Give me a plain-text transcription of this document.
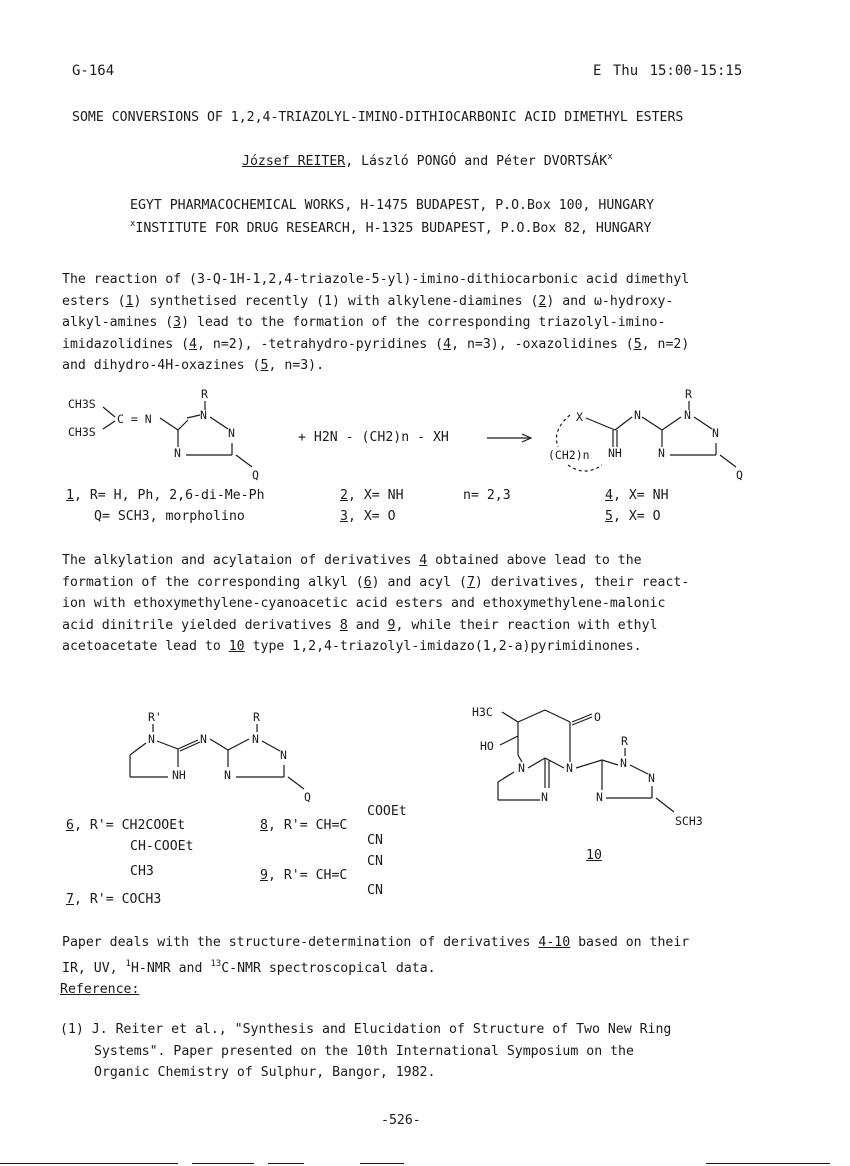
G-164	E Thu 15:00-15:15
SOME CONVERSIONS OF 1,2,4-TRIAZOLYL-IMINO-DITHIOCARBONIC ACID DIMETHYL ESTERS
József REITER, László PONGÓ and Péter DVORTSÁK$^x$
EGYT PHARMACOCHEMICAL WORKS, H-1475 BUDAPEST, P.O.Box 100, HUNGARY
$^x$INSTITUTE FOR DRUG RESEARCH, H-1325 BUDAPEST, P.O.Box 82, HUNGARY
The reaction of (3-Q-1H-1,2,4-triazole-5-yl)-imino-dithiocarbonic acid dimethyl
esters (1) synthetised recently (1) with alkylene-diamines (2) and ω-hydroxy-
alkyl-amines (3) lead to the formation of the corresponding triazolyl-imino-
imidazolidines (4, n=2), -tetrahydro-pyridines (4, n=3), -oxazolidines (5, n=2)
and dihydro-4H-oxazines (5, n=3).
CH3S
CH3S
C = N
R
N
N
N
Q
+ H2N - (CH2)n - XH
X	N
R
N
N
N
Q
(CH2)n NH
1, R= H, Ph, 2,6-di-Me-Ph
Q= SCH3, morpholino
2, X= NH	n= 2,3
3, X= O
4, X= NH
5, X= O
The alkylation and acylataion of derivatives 4 obtained above lead to the
formation of the corresponding alkyl (6) and acyl (7) derivatives, their react-
ion with ethoxymethylene-cyanoacetic acid esters and ethoxymethylene-malonic
acid dinitrile yielded derivatives 8 and 9, while their reaction with ethyl
acetoacetate lead to 10 type 1,2,4-triazolyl-imidazo(1,2-a)pyrimidinones.
R'
N
NH
N
R
N
N
N
Q
H3C	O
HO
N	N
N
R
N
N
N
SCH3
10
6, R'= CH2COOEt
CH-COOEt
CH3
7, R'= COCH3
8, R'= CH=C
COOEt
CN
9, R'= CH=C
CN
CN
Paper deals with the structure-determination of derivatives 4-10 based on their
IR, UV, $^1$H-NMR and $^{13}$C-NMR spectroscopical data.
Reference:
(1) J. Reiter et al., "Synthesis and Elucidation of Structure of Two New Ring
Systems". Paper presented on the 10th International Symposium on the
Organic Chemistry of Sulphur, Bangor, 1982.
-526-
